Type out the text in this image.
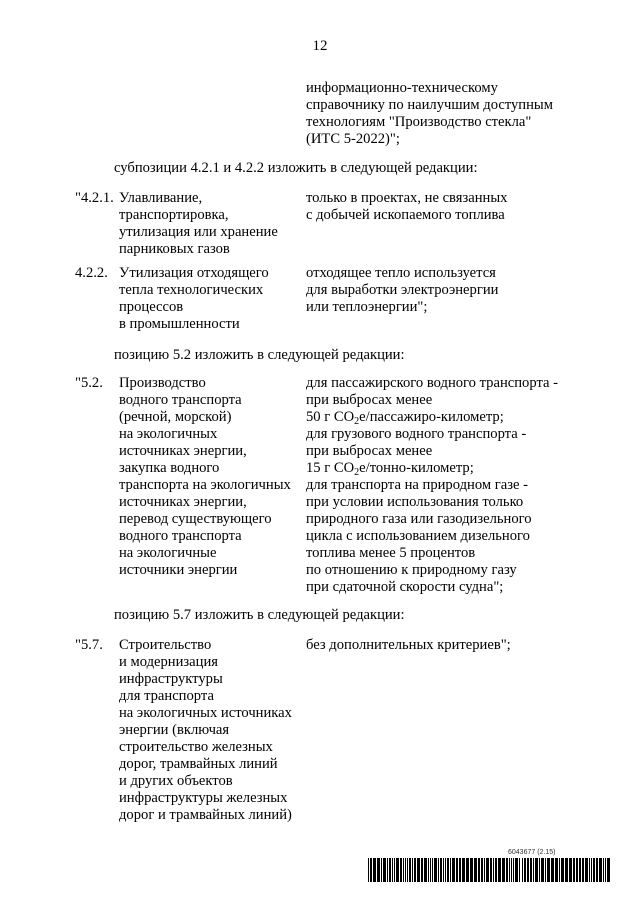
12
информационно-техническому
справочнику по наилучшим доступным
технологиям "Производство стекла"
(ИТС 5-2022)";
субпозиции 4.2.1 и 4.2.2 изложить в следующей редакции:
"4.2.1. Улавливание,
транспортировка,
утилизация или хранение
парниковых газов
только в проектах, не связанных
с добычей ископаемого топлива
4.2.2. Утилизация отходящего
тепла технологических
процессов
в промышленности
отходящее тепло используется
для выработки электроэнергии
или теплоэнергии";
позицию 5.2 изложить в следующей редакции:
"5.2. Производство
водного транспорта
(речной, морской)
на экологичных
источниках энергии,
закупка водного
транспорта на экологичных
источниках энергии,
перевод существующего
водного транспорта
на экологичные
источники энергии
для пассажирского водного транспорта -
при выбросах менее
50 г $CO_2e/пассажиро$-километр;
для грузового водного транспорта -
при выбросах менее
15 г $CO_2e/тонно$-километр;
для транспорта на природном газе -
при условии использования только
природного газа или газодизельного
цикла с использованием дизельного
топлива менее 5 процентов
по отношению к природному газу
при сдаточной скорости судна";
позицию 5.7 изложить в следующей редакции:
"5.7. Строительство
и модернизация
инфраструктуры
для транспорта
на экологичных источниках
энергии (включая
строительство железных
дорог, трамвайных линий
и других объектов
инфраструктуры железных
дорог и трамвайных линий)
без дополнительных критериев";
6043677 (2.15)
